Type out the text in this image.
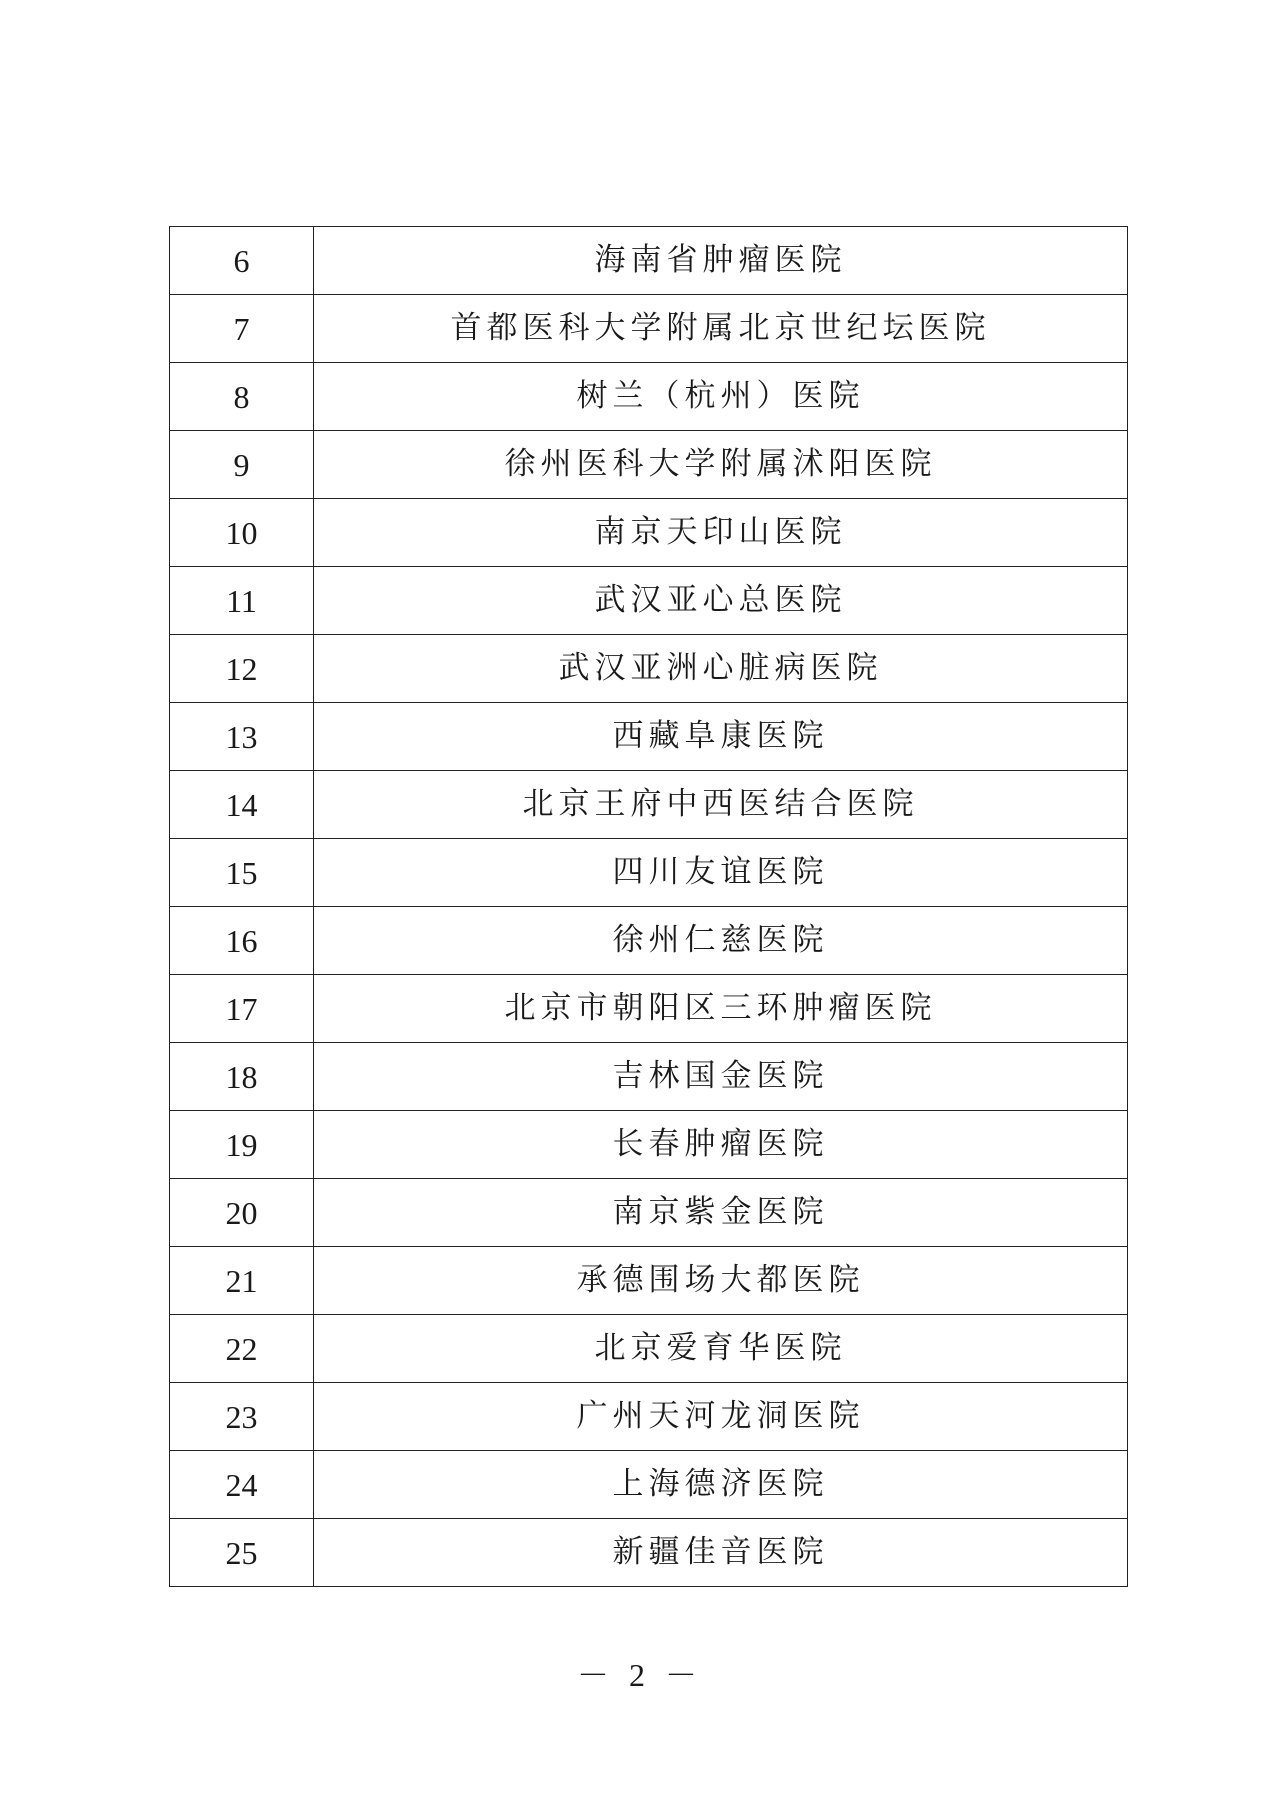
6	海南省肿瘤医院
7	首都医科大学附属北京世纪坛医院
8	树兰（杭州）医院
9	徐州医科大学附属沭阳医院
10	南京天印山医院
11	武汉亚心总医院
12	武汉亚洲心脏病医院
13	西藏阜康医院
14	北京王府中西医结合医院
15	四川友谊医院
16	徐州仁慈医院
17	北京市朝阳区三环肿瘤医院
18	吉林国金医院
19	长春肿瘤医院
20	南京紫金医院
21	承德围场大都医院
22	北京爱育华医院
23	广州天河龙洞医院
24	上海德济医院
25	新疆佳音医院
－ 2 －
